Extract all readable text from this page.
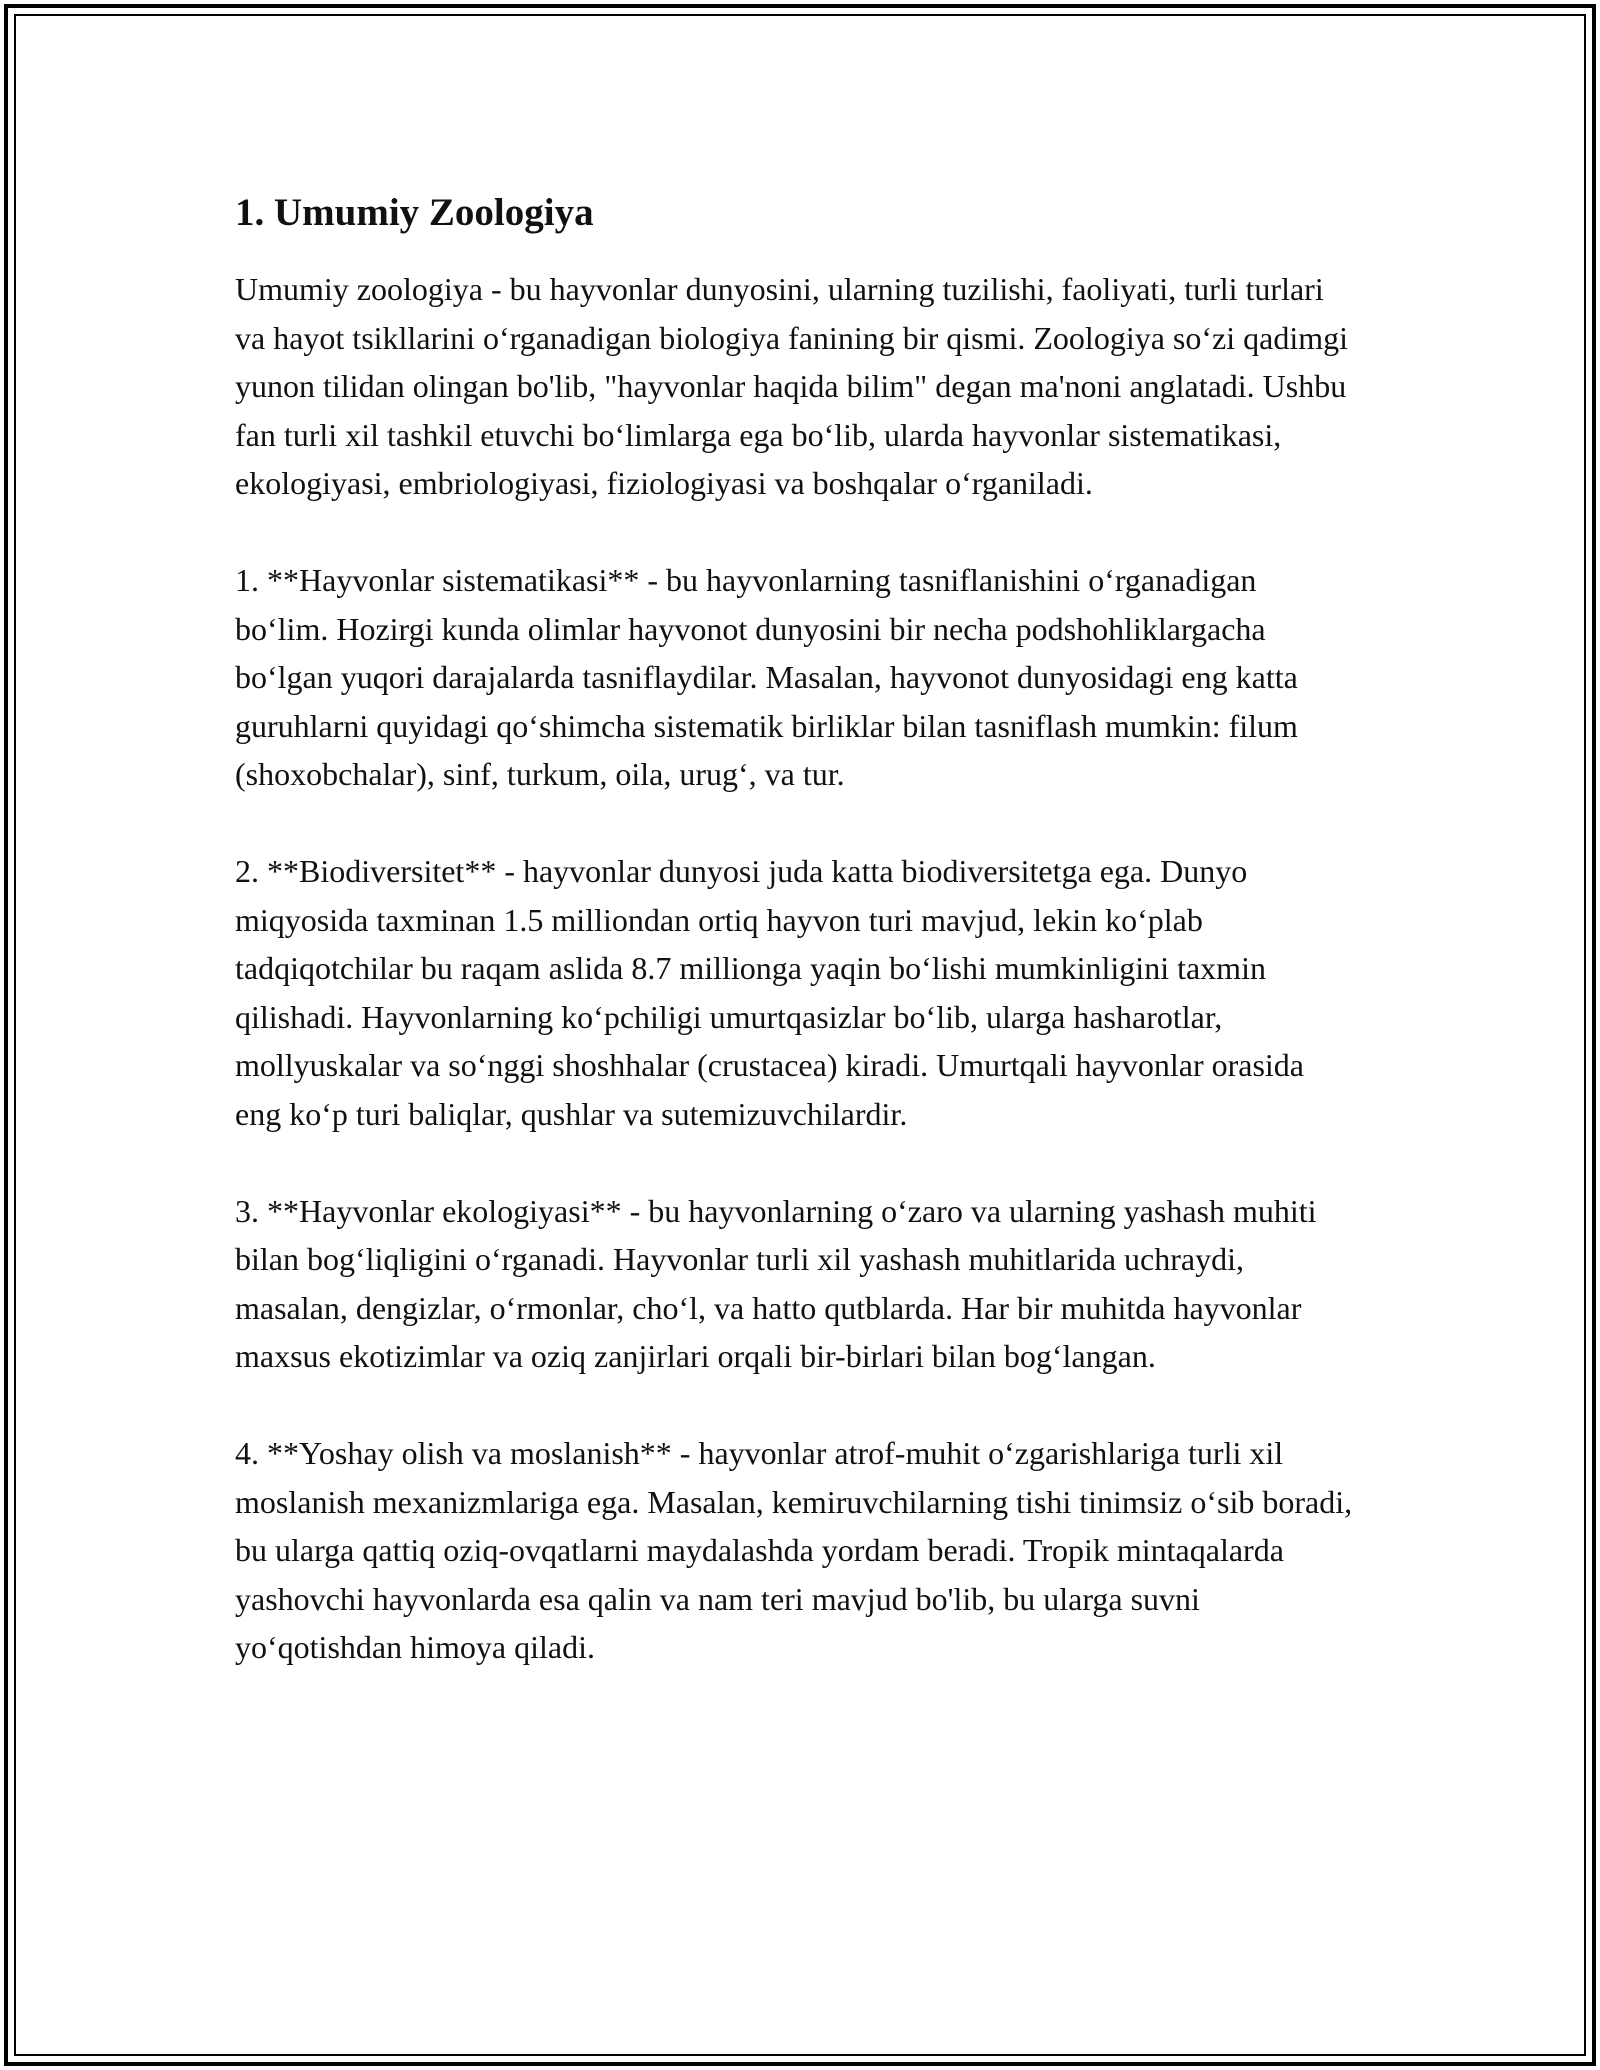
1. Umumiy Zoologiya

Umumiy zoologiya - bu hayvonlar dunyosini, ularning tuzilishi, faoliyati, turli turlari va hayot tsikllarini o‘rganadigan biologiya fanining bir qismi. Zoologiya so‘zi qadimgi yunon tilidan olingan bo'lib, "hayvonlar haqida bilim" degan ma'noni anglatadi. Ushbu fan turli xil tashkil etuvchi bo‘limlarga ega bo‘lib, ularda hayvonlar sistematikasi, ekologiyasi, embriologiyasi, fiziologiyasi va boshqalar o‘rganiladi.

1. **Hayvonlar sistematikasi** - bu hayvonlarning tasniflanishini o‘rganadigan bo‘lim. Hozirgi kunda olimlar hayvonot dunyosini bir necha podshohliklargacha bo‘lgan yuqori darajalarda tasniflaydilar. Masalan, hayvonot dunyosidagi eng katta guruhlarni quyidagi qo‘shimcha sistematik birliklar bilan tasniflash mumkin: filum (shoxobchalar), sinf, turkum, oila, urug‘, va tur.

2. **Biodiversitet** - hayvonlar dunyosi juda katta biodiversitetga ega. Dunyo miqyosida taxminan 1.5 milliondan ortiq hayvon turi mavjud, lekin ko‘plab tadqiqotchilar bu raqam aslida 8.7 millionga yaqin bo‘lishi mumkinligini taxmin qilishadi. Hayvonlarning ko‘pchiligi umurtqasizlar bo‘lib, ularga hasharotlar, mollyuskalar va so‘nggi shoshhalar (crustacea) kiradi. Umurtqali hayvonlar orasida eng ko‘p turi baliqlar, qushlar va sutemizuvchilardir.

3. **Hayvonlar ekologiyasi** - bu hayvonlarning o‘zaro va ularning yashash muhiti bilan bog‘liqligini o‘rganadi. Hayvonlar turli xil yashash muhitlarida uchraydi, masalan, dengizlar, o‘rmonlar, cho‘l, va hatto qutblarda. Har bir muhitda hayvonlar maxsus ekotizimlar va oziq zanjirlari orqali bir-birlari bilan bog‘langan.

4. **Yoshay olish va moslanish** - hayvonlar atrof-muhit o‘zgarishlariga turli xil moslanish mexanizmlariga ega. Masalan, kemiruvchilarning tishi tinimsiz o‘sib boradi, bu ularga qattiq oziq-ovqatlarni maydalashda yordam beradi. Tropik mintaqalarda yashovchi hayvonlarda esa qalin va nam teri mavjud bo'lib, bu ularga suvni yo‘qotishdan himoya qiladi.
